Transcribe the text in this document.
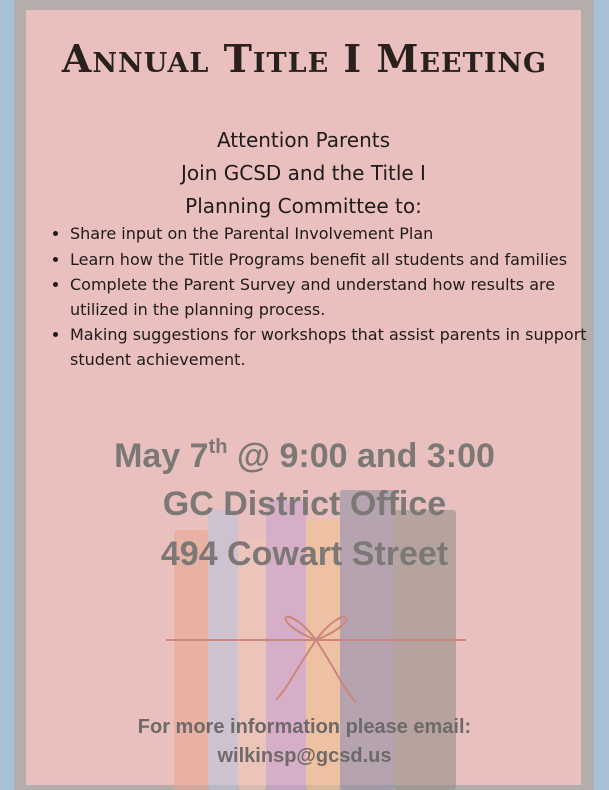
Annual Title I Meeting
Attention Parents
Join GCSD and the Title I
Planning Committee to:
• Share input on the Parental Involvement Plan
• Learn how the Title Programs benefit all students and families
• Complete the Parent Survey and understand how results are utilized in the planning process.
• Making suggestions for workshops that assist parents in support student achievement.
May 7th @ 9:00 and 3:00
GC District Office
494 Cowart Street
For more information please email:
wilkinsp@gcsd.us
